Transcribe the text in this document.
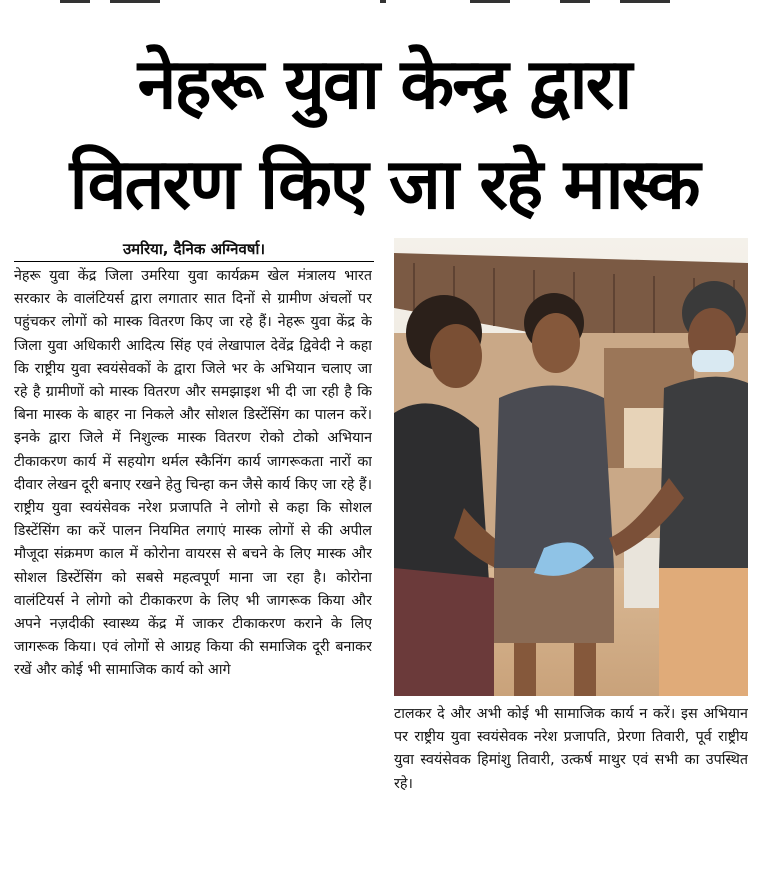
नेहरू युवा केन्द्र द्वारा
वितरण किए जा रहे मास्क
उमरिया, दैनिक अग्निवर्षा।
नेहरू युवा केंद्र जिला उमरिया युवा कार्यक्रम खेल मंत्रालय भारत सरकार के वालंटियर्स द्वारा लगातार सात दिनों से ग्रामीण अंचलों पर पहुंचकर लोगों को मास्क वितरण किए जा रहे हैं। नेहरू युवा केंद्र के जिला युवा अधिकारी आदित्य सिंह एवं लेखापाल देवेंद्र द्विवेदी ने कहा कि राष्ट्रीय युवा स्वयंसेवकों के द्वारा जिले भर के अभियान चलाए जा रहे है ग्रामीणों को मास्क वितरण और समझाइश भी दी जा रही है कि बिना मास्क के बाहर ना निकले और सोशल डिस्टेंसिंग का पालन करें। इनके द्वारा जिले में निशुल्क मास्क वितरण रोको टोको अभियान टीकाकरण कार्य में सहयोग थर्मल स्कैनिंग कार्य जागरूकता नारों का दीवार लेखन दूरी बनाए रखने हेतु चिन्हा कन जैसे कार्य किए जा रहे हैं। राष्ट्रीय युवा स्वयंसेवक नरेश प्रजापति ने लोगो से कहा कि सोशल डिस्टेंसिंग का करें पालन नियमित लगाएं मास्क लोगों से की अपील मौजूदा संक्रमण काल में कोरोना वायरस से बचने के लिए मास्क और सोशल डिस्टेंसिंग को सबसे महत्वपूर्ण माना जा रहा है। कोरोना वालंटियर्स ने लोगो को टीकाकरण के लिए भी जागरूक किया और अपने नज़दीकी स्वास्थ्य केंद्र में जाकर टीकाकरण कराने के लिए जागरूक किया। एवं लोगों से आग्रह किया की समाजिक दूरी बनाकर रखें और कोई भी सामाजिक कार्य को आगे
टालकर दे और अभी कोई भी सामाजिक कार्य न करें। इस अभियान पर राष्ट्रीय युवा स्वयंसेवक नरेश प्रजापति, प्रेरणा तिवारी, पूर्व राष्ट्रीय युवा स्वयंसेवक हिमांशु तिवारी, उत्कर्ष माथुर एवं सभी का उपस्थित रहे।
